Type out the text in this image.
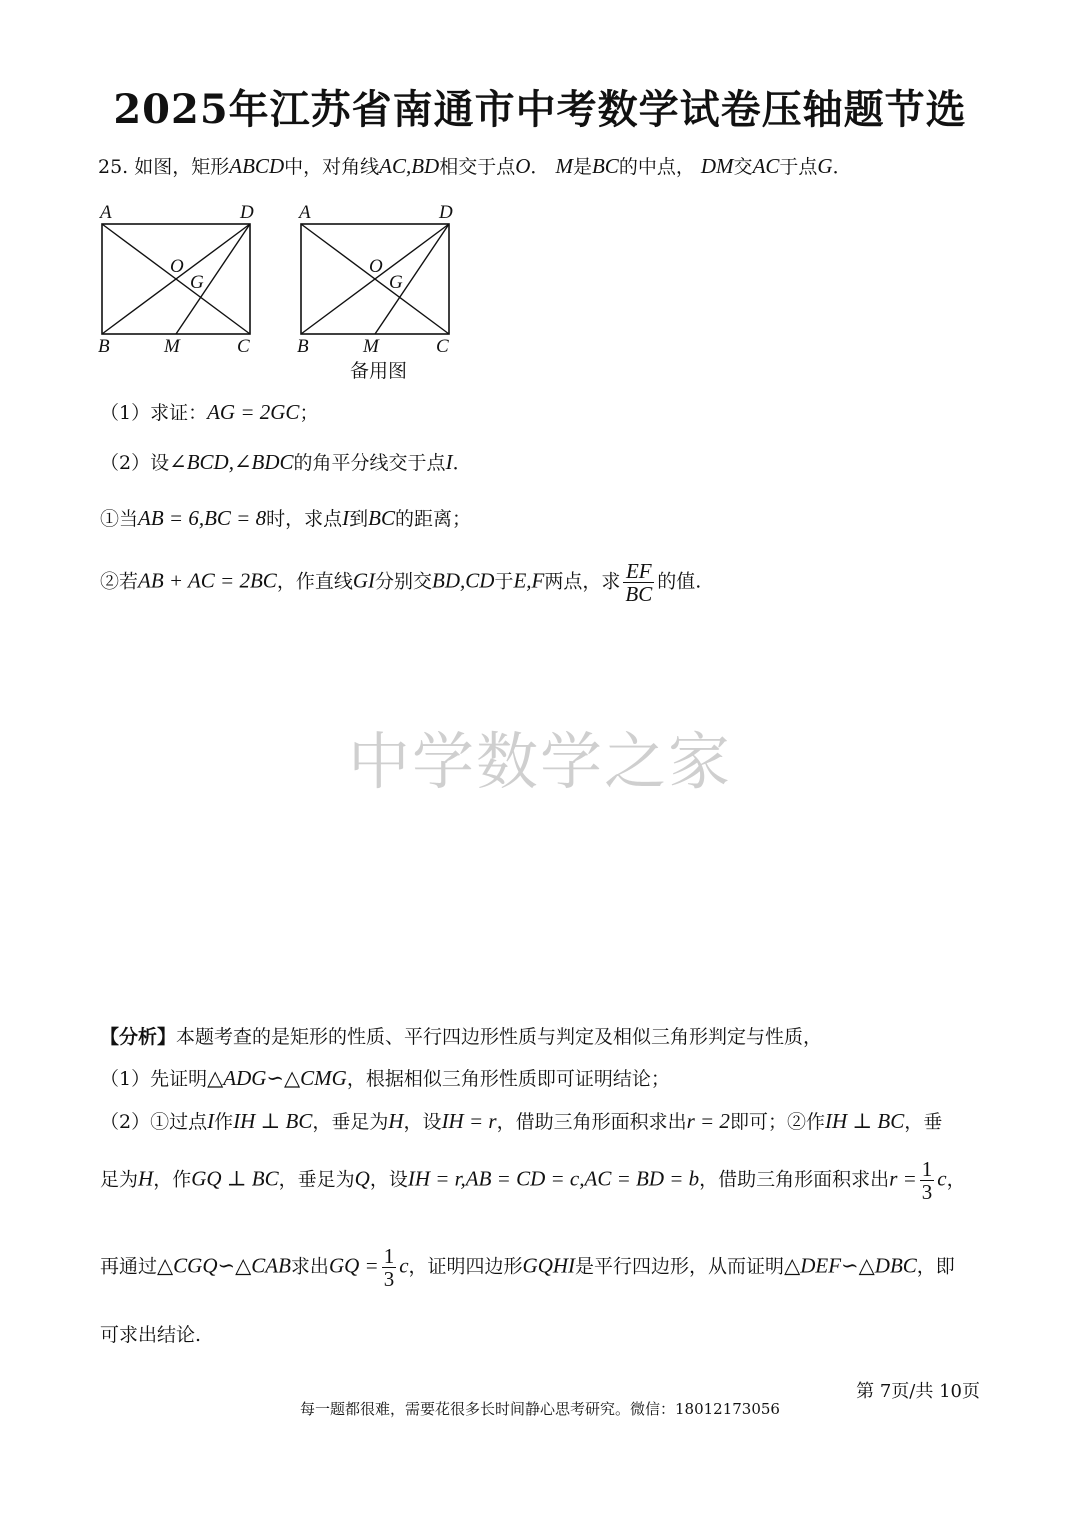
2025年江苏省南通市中考数学试卷压轴题节选
25. 如图，矩形ABCD中，对角线AC,BD相交于点O． M是BC的中点， DM交AC于点G．
A	D
B	C
O
G
M
A	D
B	C
O
G
M
备用图
（1）求证：AG = 2GC；
（2）设∠BCD,∠BDC的角平分线交于点I．
①当AB = 6,BC = 8时，求点I到BC的距离；
②若AB + AC = 2BC，作直线GI分别交BD,CD于E,F两点，求 $\frac{EF}{BC}$ 的值.
中学数学之家
【分析】本题考查的是矩形的性质、平行四边形性质与判定及相似三角形判定与性质，
（1）先证明△ADG∽△CMG，根据相似三角形性质即可证明结论；
（2）①过点I作IH ⊥ BC，垂足为H，设IH = r，借助三角形面积求出r = 2即可；②作IH ⊥ BC，垂
足为H，作GQ ⊥ BC，垂足为Q，设IH = r,AB = CD = c,AC = BD = b，借助三角形面积求出$r = \frac{1}{3}$ c，
再通过△CGQ∽△CAB求出GQ = $\frac{1}{3}$ c，证明四边形GQHI是平行四边形，从而证明△DEF∽△DBC，即
可求出结论.
第 7页/共 10页
每一题都很难，需要花很多长时间静心思考研究。微信：18012173056
